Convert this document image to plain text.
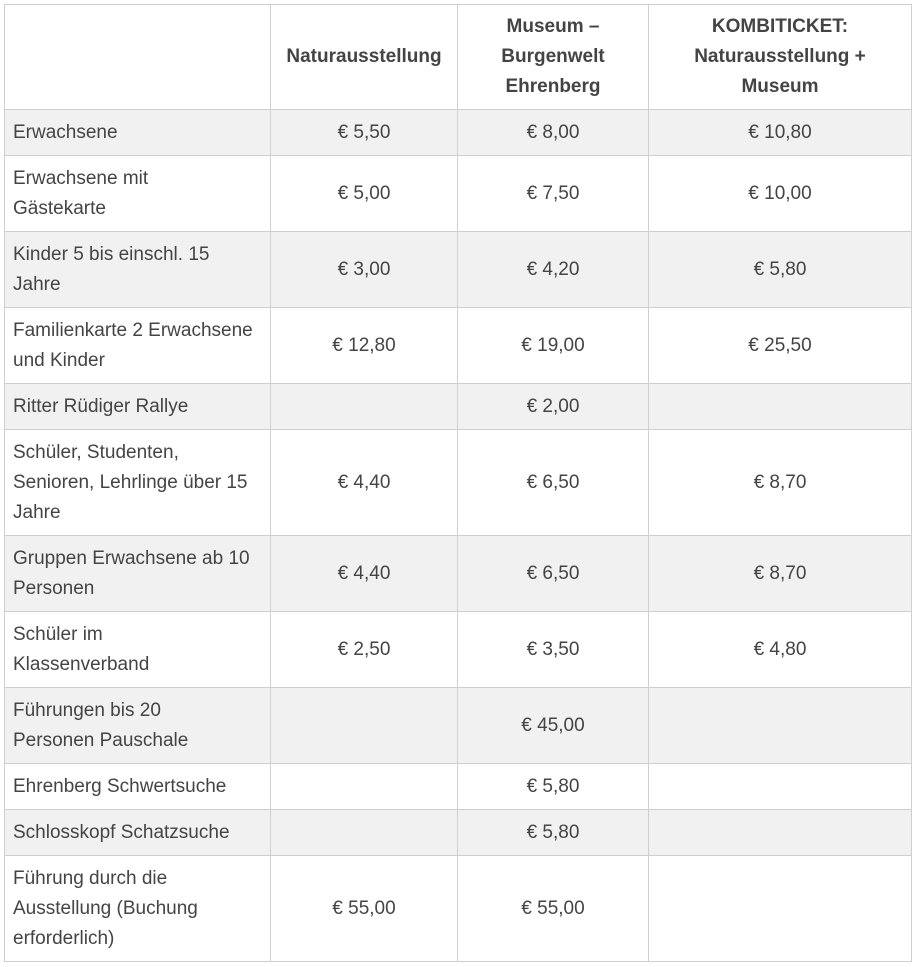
	Naturausstellung	Museum – Burgenwelt Ehrenberg	KOMBITICKET: Naturausstellung + Museum
Erwachsene	€ 5,50	€ 8,00	€ 10,80
Erwachsene mit Gästekarte	€ 5,00	€ 7,50	€ 10,00
Kinder 5 bis einschl. 15 Jahre	€ 3,00	€ 4,20	€ 5,80
Familienkarte 2 Erwachsene und Kinder	€ 12,80	€ 19,00	€ 25,50
Ritter Rüdiger Rallye		€ 2,00	
Schüler, Studenten, Senioren, Lehrlinge über 15 Jahre	€ 4,40	€ 6,50	€ 8,70
Gruppen Erwachsene ab 10 Personen	€ 4,40	€ 6,50	€ 8,70
Schüler im Klassenverband	€ 2,50	€ 3,50	€ 4,80
Führungen bis 20 Personen Pauschale		€ 45,00	
Ehrenberg Schwertsuche		€ 5,80	
Schlosskopf Schatzsuche		€ 5,80	
Führung durch die Ausstellung (Buchung erforderlich)	€ 55,00	€ 55,00	
